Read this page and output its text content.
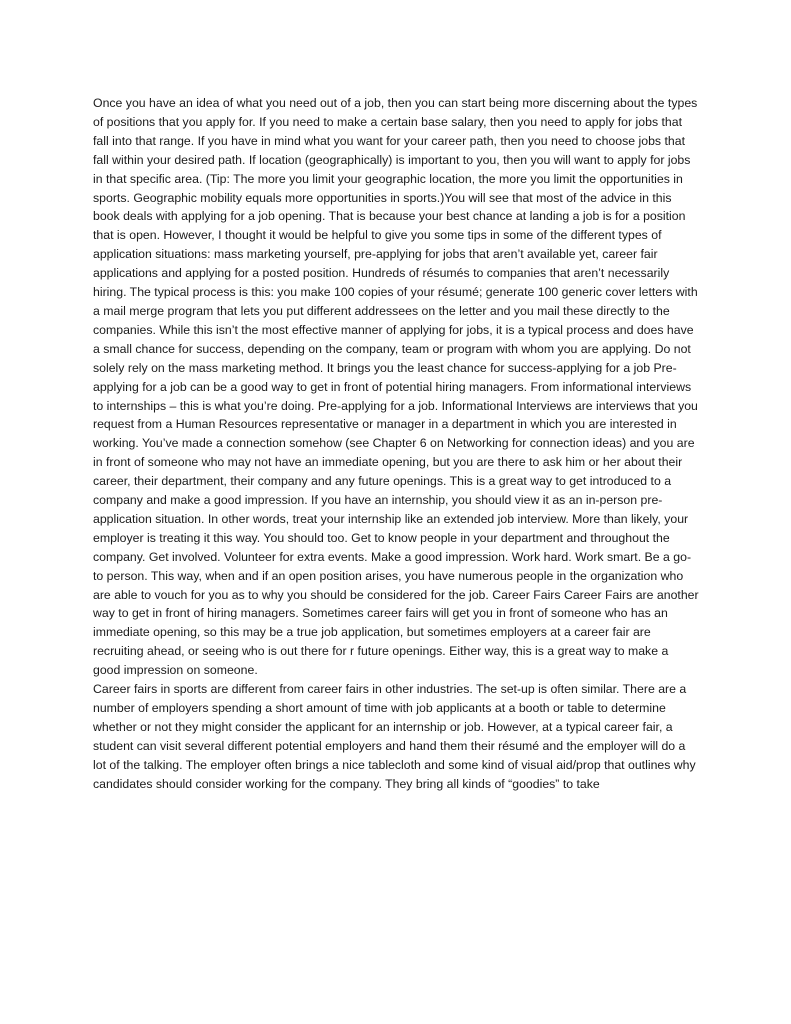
Once you have an idea of what you need out of a job, then you can start being more discerning about the types of positions that you apply for. If you need to make a certain base salary, then you need to apply for jobs that fall into that range. If you have in mind what you want for your career path, then you need to choose jobs that fall within your desired path. If location (geographically) is important to you, then you will want to apply for jobs in that specific area. (Tip: The more you limit your geographic location, the more you limit the opportunities in sports. Geographic mobility equals more opportunities in sports.)You will see that most of the advice in this book deals with applying for a job opening. That is because your best chance at landing a job is for a position that is open. However, I thought it would be helpful to give you some tips in some of the different types of application situations: mass marketing yourself, pre-applying for jobs that aren’t available yet, career fair applications and applying for a posted position. Hundreds of résumés to companies that aren’t necessarily hiring. The typical process is this: you make 100 copies of your résumé; generate 100 generic cover letters with a mail merge program that lets you put different addressees on the letter and you mail these directly to the companies. While this isn’t the most effective manner of applying for jobs, it is a typical process and does have a small chance for success, depending on the company, team or program with whom you are applying. Do not solely rely on the mass marketing method. It brings you the least chance for success-applying for a job Pre-applying for a job can be a good way to get in front of potential hiring managers. From informational interviews to internships – this is what you’re doing. Pre-applying for a job. Informational Interviews are interviews that you request from a Human Resources representative or manager in a department in which you are interested in working. You’ve made a connection somehow (see Chapter 6 on Networking for connection ideas) and you are in front of someone who may not have an immediate opening, but you are there to ask him or her about their career, their department, their company and any future openings. This is a great way to get introduced to a company and make a good impression. If you have an internship, you should view it as an in-person pre-application situation. In other words, treat your internship like an extended job interview. More than likely, your employer is treating it this way. You should too. Get to know people in your department and throughout the company. Get involved. Volunteer for extra events. Make a good impression. Work hard. Work smart. Be a go-to person. This way, when and if an open position arises, you have numerous people in the organization who are able to vouch for you as to why you should be considered for the job. Career Fairs Career Fairs are another way to get in front of hiring managers. Sometimes career fairs will get you in front of someone who has an immediate opening, so this may be a true job application, but sometimes employers at a career fair are recruiting ahead, or seeing who is out there for r future openings. Either way, this is a great way to make a good impression on someone.

Career fairs in sports are different from career fairs in other industries. The set-up is often similar. There are a number of employers spending a short amount of time with job applicants at a booth or table to determine whether or not they might consider the applicant for an internship or job. However, at a typical career fair, a student can visit several different potential employers and hand them their résumé and the employer will do a lot of the talking. The employer often brings a nice tablecloth and some kind of visual aid/prop that outlines why candidates should consider working for the company. They bring all kinds of “goodies” to take
